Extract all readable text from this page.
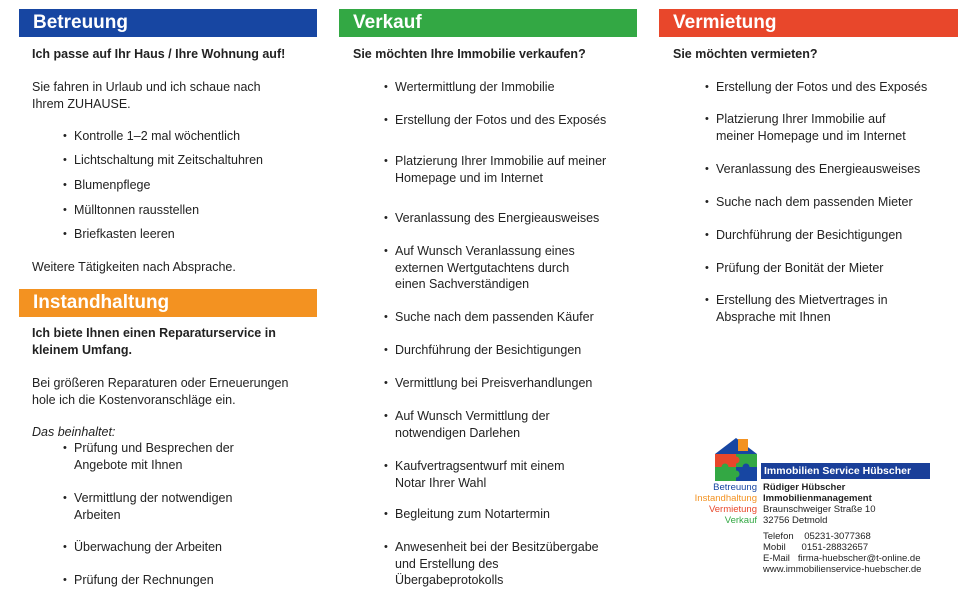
Betreuung
Ich passe auf Ihr Haus / Ihre Wohnung auf!
Sie fahren in Urlaub und ich schaue nach Ihrem ZUHAUSE.
• Kontrolle 1–2 mal wöchentlich
• Lichtschaltung mit Zeitschaltuhren
• Blumenpflege
• Mülltonnen rausstellen
• Briefkasten leeren
Weitere Tätigkeiten nach Absprache.
Instandhaltung
Ich biete Ihnen einen Reparaturservice in kleinem Umfang.
Bei größeren Reparaturen oder Erneuerungen hole ich die Kostenvoranschläge ein.
Das beinhaltet:
• Prüfung und Besprechen der Angebote mit Ihnen
• Vermittlung der notwendigen Arbeiten
• Überwachung der Arbeiten
• Prüfung der Rechnungen
Verkauf
Sie möchten Ihre Immobilie verkaufen?
• Wertermittlung der Immobilie
• Erstellung der Fotos und des Exposés
• Platzierung Ihrer Immobilie auf meiner Homepage und im Internet
• Veranlassung des Energieausweises
• Auf Wunsch Veranlassung eines externen Wertgutachtens durch einen Sachverständigen
• Suche nach dem passenden Käufer
• Durchführung der Besichtigungen
• Vermittlung bei Preisverhandlungen
• Auf Wunsch Vermittlung der notwendigen Darlehen
• Kaufvertragsentwurf mit einem Notar Ihrer Wahl
• Begleitung zum Notartermin
• Anwesenheit bei der Besitzübergabe und Erstellung des Übergabeprotokolls
Vermietung
Sie möchten vermieten?
• Erstellung der Fotos und des Exposés
• Platzierung Ihrer Immobilie auf meiner Homepage und im Internet
• Veranlassung des Energieausweises
• Suche nach dem passenden Mieter
• Durchführung der Besichtigungen
• Prüfung der Bonität der Mieter
• Erstellung des Mietvertrages in Absprache mit Ihnen
Immobilien Service Hübscher
Betreuung
Instandhaltung
Vermietung
Verkauf
Rüdiger Hübscher
Immobilienmanagement
Braunschweiger Straße 10
32756 Detmold
Telefon    05231-3077368
Mobil      0151-28832657
E-Mail   firma-huebscher@t-online.de
www.immobilienservice-huebscher.de
